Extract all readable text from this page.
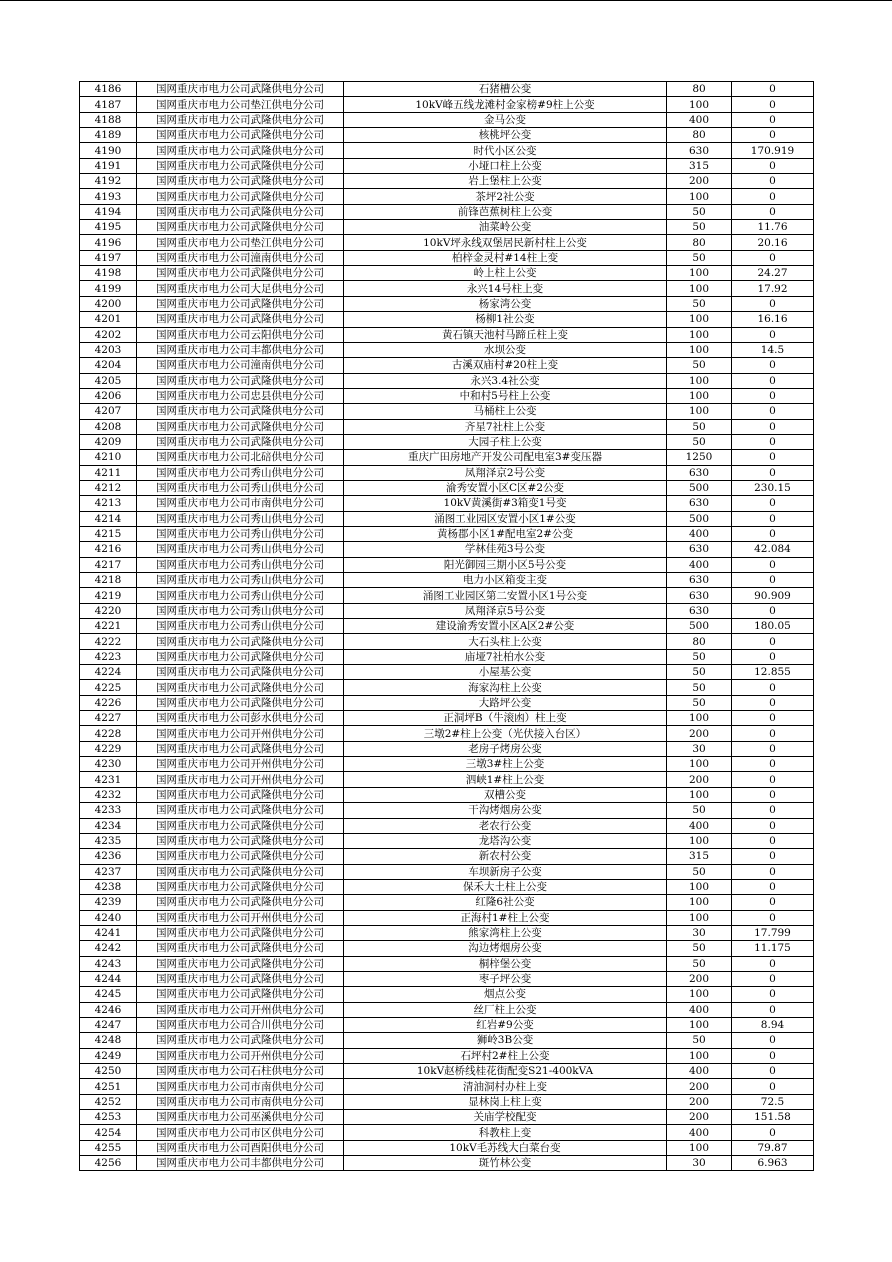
4186	国网重庆市电力公司武隆供电分公司	石猪槽公变	80	0
4187	国网重庆市电力公司垫江供电分公司	10kV峰五线龙滩村金家榜#9柱上公变	100	0
4188	国网重庆市电力公司武隆供电分公司	金马公变	400	0
4189	国网重庆市电力公司武隆供电分公司	核桃坪公变	80	0
4190	国网重庆市电力公司武隆供电分公司	时代小区公变	630	170.919
4191	国网重庆市电力公司武隆供电分公司	小垭口柱上公变	315	0
4192	国网重庆市电力公司武隆供电分公司	岩上堡柱上公变	200	0
4193	国网重庆市电力公司武隆供电分公司	茶坪2社公变	100	0
4194	国网重庆市电力公司武隆供电分公司	前锋芭蕉树柱上公变	50	0
4195	国网重庆市电力公司武隆供电分公司	油菜岭公变	50	11.76
4196	国网重庆市电力公司垫江供电分公司	10kV坪永线双堡居民新村柱上公变	80	20.16
4197	国网重庆市电力公司潼南供电分公司	柏梓金灵村#14柱上变	50	0
4198	国网重庆市电力公司武隆供电分公司	岭上柱上公变	100	24.27
4199	国网重庆市电力公司大足供电分公司	永兴14号柱上变	100	17.92
4200	国网重庆市电力公司武隆供电分公司	杨家湾公变	50	0
4201	国网重庆市电力公司武隆供电分公司	杨柳1社公变	100	16.16
4202	国网重庆市电力公司云阳供电分公司	黄石镇天池村马蹄丘柱上变	100	0
4203	国网重庆市电力公司丰都供电分公司	水坝公变	100	14.5
4204	国网重庆市电力公司潼南供电分公司	古溪双庙村#20柱上变	50	0
4205	国网重庆市电力公司武隆供电分公司	永兴3.4社公变	100	0
4206	国网重庆市电力公司忠县供电分公司	中和村5号柱上公变	100	0
4207	国网重庆市电力公司武隆供电分公司	马桶柱上公变	100	0
4208	国网重庆市电力公司武隆供电分公司	齐星7社柱上公变	50	0
4209	国网重庆市电力公司武隆供电分公司	大园子柱上公变	50	0
4210	国网重庆市电力公司北碚供电分公司	重庆广田房地产开发公司配电室3#变压器	1250	0
4211	国网重庆市电力公司秀山供电分公司	凤翔泽京2号公变	630	0
4212	国网重庆市电力公司秀山供电分公司	渝秀安置小区C区#2公变	500	230.15
4213	国网重庆市电力公司市南供电分公司	10kV黄溪街#3箱变1号变	630	0
4214	国网重庆市电力公司秀山供电分公司	涌图工业园区安置小区1#公变	500	0
4215	国网重庆市电力公司秀山供电分公司	黄杨郡小区1#配电室2#公变	400	0
4216	国网重庆市电力公司秀山供电分公司	学林佳苑3号公变	630	42.084
4217	国网重庆市电力公司秀山供电分公司	阳光御园三期小区5号公变	400	0
4218	国网重庆市电力公司秀山供电分公司	电力小区箱变主变	630	0
4219	国网重庆市电力公司秀山供电分公司	涌图工业园区第二安置小区1号公变	630	90.909
4220	国网重庆市电力公司秀山供电分公司	凤翔泽京5号公变	630	0
4221	国网重庆市电力公司秀山供电分公司	建设渝秀安置小区A区2#公变	500	180.05
4222	国网重庆市电力公司武隆供电分公司	大石头柱上公变	80	0
4223	国网重庆市电力公司武隆供电分公司	庙垭7社柏水公变	50	0
4224	国网重庆市电力公司武隆供电分公司	小屋基公变	50	12.855
4225	国网重庆市电力公司武隆供电分公司	海家沟柱上公变	50	0
4226	国网重庆市电力公司武隆供电分公司	大路坪公变	50	0
4227	国网重庆市电力公司彭水供电分公司	正洞坪B（牛滚凼）柱上变	100	0
4228	国网重庆市电力公司开州供电分公司	三墩2#柱上公变（光伏接入台区）	200	0
4229	国网重庆市电力公司武隆供电分公司	老房子烤房公变	30	0
4230	国网重庆市电力公司开州供电分公司	三墩3#柱上公变	100	0
4231	国网重庆市电力公司开州供电分公司	泗峡1#柱上公变	200	0
4232	国网重庆市电力公司武隆供电分公司	双槽公变	100	0
4233	国网重庆市电力公司武隆供电分公司	干沟烤烟房公变	50	0
4234	国网重庆市电力公司武隆供电分公司	老农行公变	400	0
4235	国网重庆市电力公司武隆供电分公司	龙塔沟公变	100	0
4236	国网重庆市电力公司武隆供电分公司	新农村公变	315	0
4237	国网重庆市电力公司武隆供电分公司	车坝新房子公变	50	0
4238	国网重庆市电力公司武隆供电分公司	保禾大土柱上公变	100	0
4239	国网重庆市电力公司武隆供电分公司	红隆6社公变	100	0
4240	国网重庆市电力公司开州供电分公司	正海村1#柱上公变	100	0
4241	国网重庆市电力公司武隆供电分公司	熊家湾柱上公变	30	17.799
4242	国网重庆市电力公司武隆供电分公司	沟边烤烟房公变	50	11.175
4243	国网重庆市电力公司武隆供电分公司	桐梓堡公变	50	0
4244	国网重庆市电力公司武隆供电分公司	枣子坪公变	200	0
4245	国网重庆市电力公司武隆供电分公司	烟点公变	100	0
4246	国网重庆市电力公司开州供电分公司	丝厂柱上公变	400	0
4247	国网重庆市电力公司合川供电分公司	红岩#9公变	100	8.94
4248	国网重庆市电力公司武隆供电分公司	狮岭3B公变	50	0
4249	国网重庆市电力公司开州供电分公司	石坪村2#柱上公变	100	0
4250	国网重庆市电力公司石柱供电分公司	10kV赵桥线桂花街配变S21-400kVA	400	0
4251	国网重庆市电力公司市南供电分公司	清油洞村办柱上变	200	0
4252	国网重庆市电力公司市南供电分公司	显林岗上柱上变	200	72.5
4253	国网重庆市电力公司巫溪供电分公司	关庙学校配变	200	151.58
4254	国网重庆市电力公司市区供电分公司	科教柱上变	400	0
4255	国网重庆市电力公司酉阳供电分公司	10kV毛苏线大白菜台变	100	79.87
4256	国网重庆市电力公司丰都供电分公司	斑竹林公变	30	6.963
